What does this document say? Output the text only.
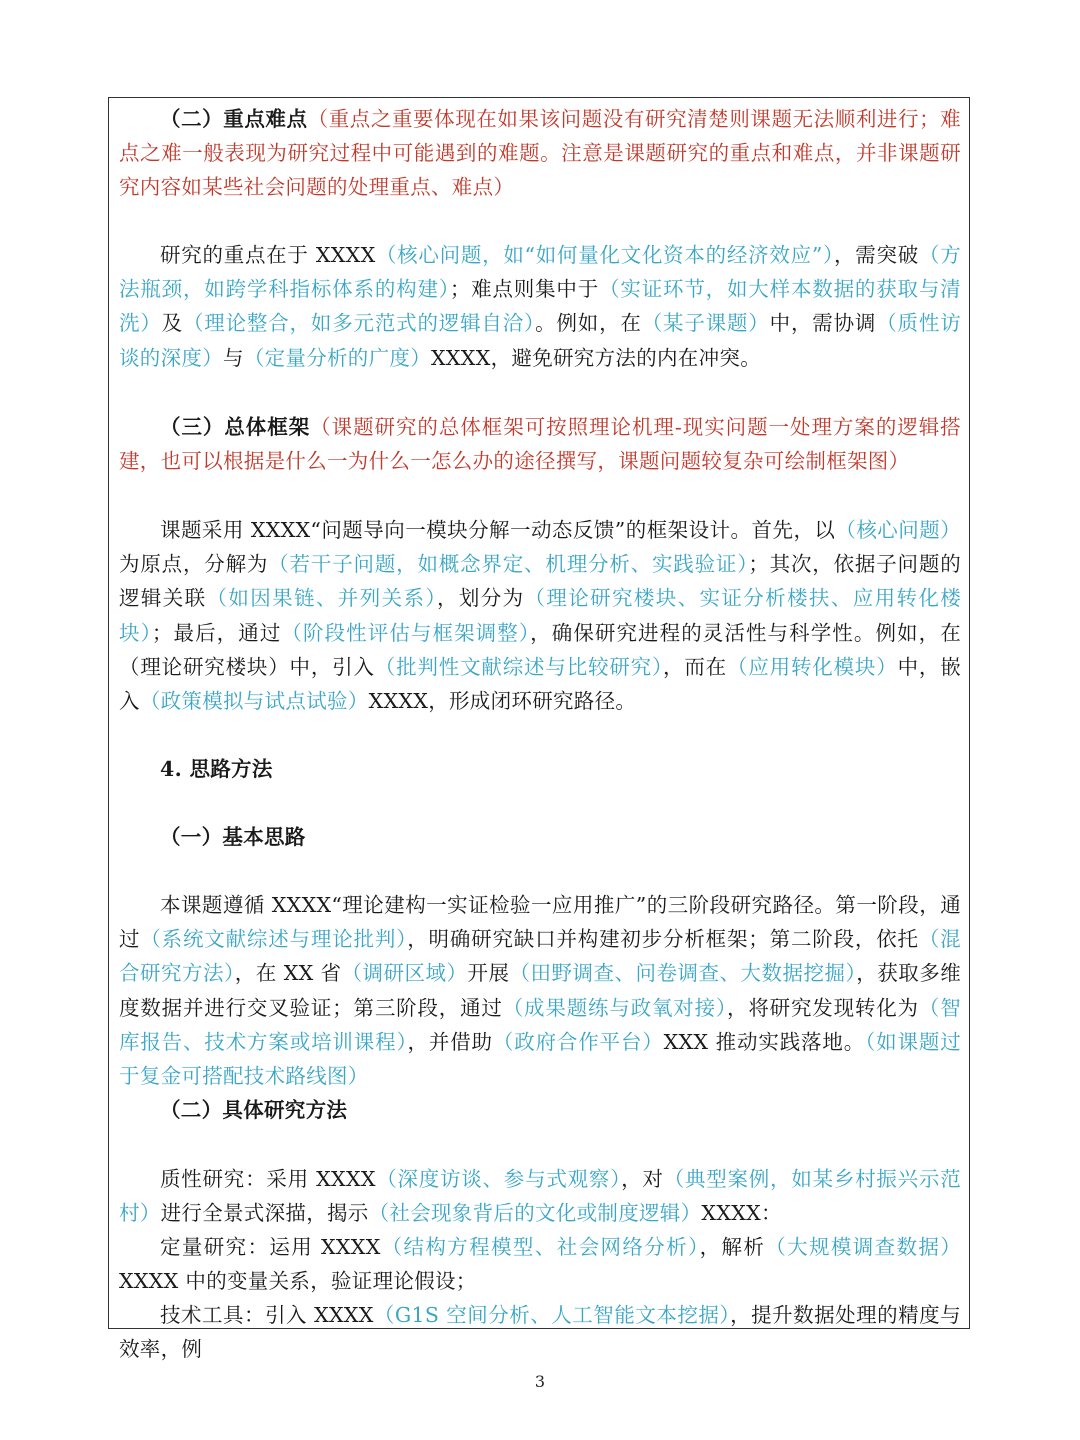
（二）重点难点（重点之重要体现在如果该问题没有研究清楚则课题无法顺利进行；难点之难一般表现为研究过程中可能遇到的难题。注意是课题研究的重点和难点，并非课题研究内容如某些社会问题的处理重点、难点）
研究的重点在于 XXXX（核心问题，如“如何量化文化资本的经济效应”），需突破（方法瓶颈，如跨学科指标体系的构建）；难点则集中于（实证环节，如大样本数据的获取与清洗）及（理论整合，如多元范式的逻辑自洽）。例如，在（某子课题）中，需协调（质性访谈的深度）与（定量分析的广度）XXXX，避免研究方法的内在冲突。
（三）总体框架（课题研究的总体框架可按照理论机理-现实问题一处理方案的逻辑搭建，也可以根据是什么一为什么一怎么办的途径撰写，课题问题较复杂可绘制框架图）
课题采用 XXXX“问题导向一模块分解一动态反馈”的框架设计。首先，以（核心问题）为原点，分解为（若干子问题，如概念界定、机理分析、实践验证）；其次，依据子问题的逻辑关联（如因果链、并列关系），划分为（理论研究楼块、实证分析楼扶、应用转化楼块）；最后，通过（阶段性评估与框架调整），确保研究进程的灵活性与科学性。例如，在（理论研究楼块）中，引入（批判性文献综述与比较研究），而在（应用转化模块）中，嵌入（政策模拟与试点试验）XXXX，形成闭环研究路径。
4. 思路方法
（一）基本思路
本课题遵循 XXXX“理论建构一实证检验一应用推广”的三阶段研究路径。第一阶段，通过（系统文献综述与理论批判），明确研究缺口并构建初步分析框架；第二阶段，依托（混合研究方法），在 XX 省（调研区域）开展（田野调查、问卷调查、大数据挖掘），获取多维度数据并进行交叉验证；第三阶段，通过（成果题练与政氧对接），将研究发现转化为（智库报告、技术方案或培训课程），并借助（政府合作平台）XXX 推动实践落地。（如课题过于复金可搭配技术路线图）
（二）具体研究方法
质性研究：采用 XXXX（深度访谈、参与式观察），对（典型案例，如某乡村振兴示范村）进行全景式深描，揭示（社会现象背后的文化或制度逻辑）XXXX：
定量研究：运用 XXXX（结构方程模型、社会网络分析），解析（大规模调查数据）XXXX 中的变量关系，验证理论假设；
技术工具：引入 XXXX（G1S 空间分析、人工智能文本挖据），提升数据处理的精度与效率，例
3
